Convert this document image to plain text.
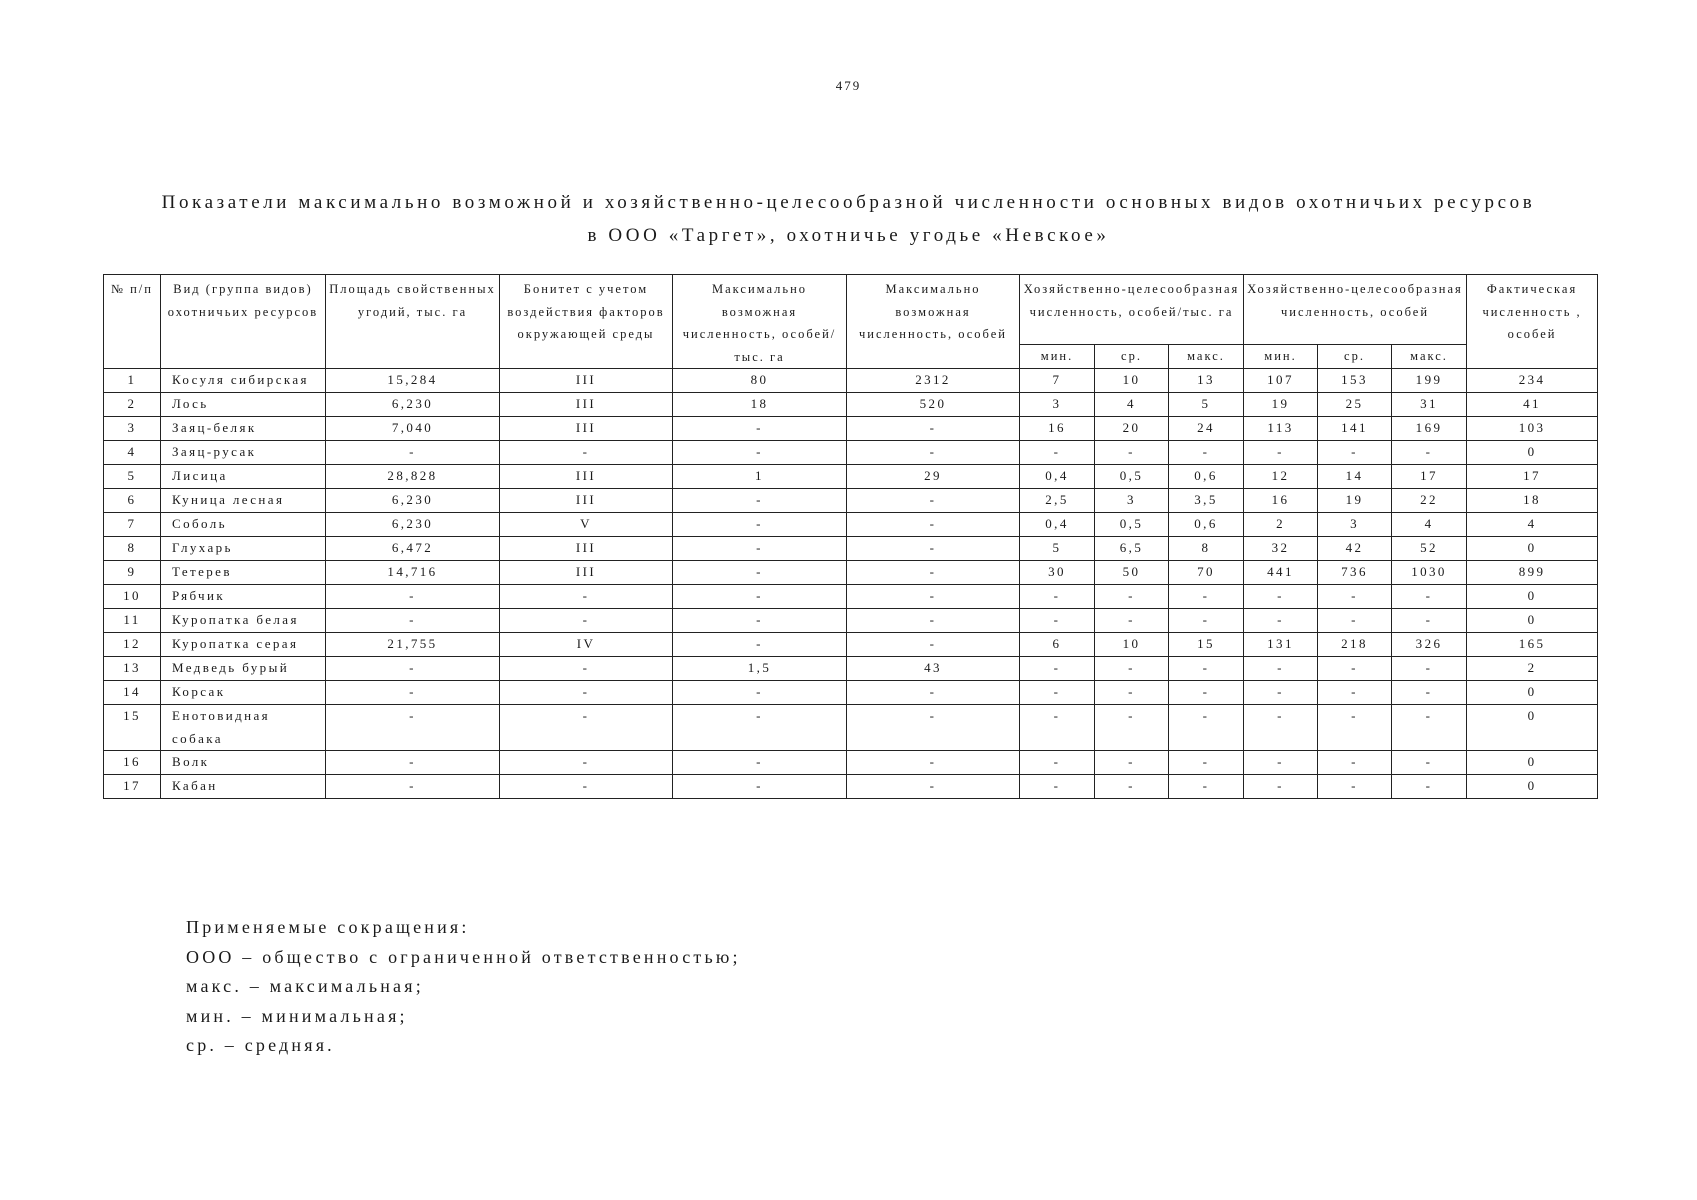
479
Показатели максимально возможной и хозяйственно-целесообразной численности основных видов охотничьих ресурсов
в ООО «Таргет», охотничье угодье «Невское»
№ п/п	Вид (группа видов) охотничьих ресурсов	Площадь свойственных угодий, тыс. га	Бонитет с учетом воздействия факторов окружающей среды	Максимально возможная численность, особей/тыс. га	Максимально возможная численность, особей	Хозяйственно-целесообразная численность, особей/тыс. га			Хозяйственно-целесообразная численность, особей			Фактическая численность , особей
						мин.	ср.	макс.	мин.	ср.	макс.	
1	Косуля сибирская	15,284	III	80	2312	7	10	13	107	153	199	234
2	Лось	6,230	III	18	520	3	4	5	19	25	31	41
3	Заяц-беляк	7,040	III	-	-	16	20	24	113	141	169	103
4	Заяц-русак	-	-	-	-	-	-	-	-	-	-	0
5	Лисица	28,828	III	1	29	0,4	0,5	0,6	12	14	17	17
6	Куница лесная	6,230	III	-	-	2,5	3	3,5	16	19	22	18
7	Соболь	6,230	V	-	-	0,4	0,5	0,6	2	3	4	4
8	Глухарь	6,472	III	-	-	5	6,5	8	32	42	52	0
9	Тетерев	14,716	III	-	-	30	50	70	441	736	1030	899
10	Рябчик	-	-	-	-	-	-	-	-	-	-	0
11	Куропатка белая	-	-	-	-	-	-	-	-	-	-	0
12	Куропатка серая	21,755	IV	-	-	6	10	15	131	218	326	165
13	Медведь бурый	-	-	1,5	43	-	-	-	-	-	-	2
14	Корсак	-	-	-	-	-	-	-	-	-	-	0
15	Енотовидная собака	-	-	-	-	-	-	-	-	-	-	0
16	Волк	-	-	-	-	-	-	-	-	-	-	0
17	Кабан	-	-	-	-	-	-	-	-	-	-	0
Применяемые сокращения:
ООО – общество с ограниченной ответственностью;
макс. – максимальная;
мин. – минимальная;
ср. – средняя.
